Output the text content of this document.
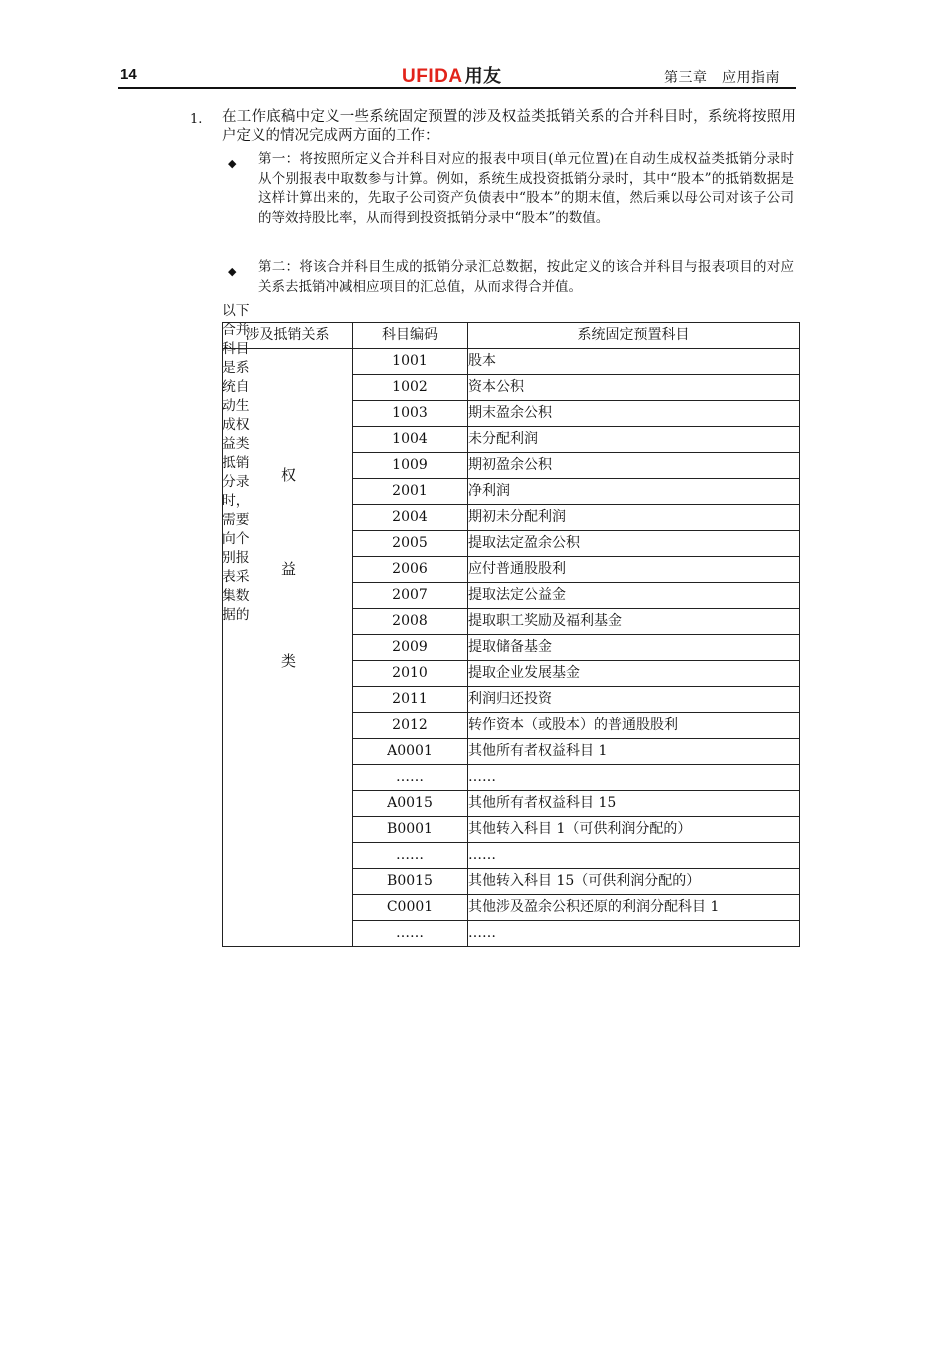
14	UFIDA 用友	第三章　应用指南
1. 在工作底稿中定义一些系统固定预置的涉及权益类抵销关系的合并科目时，系统将按照用户定义的情况完成两方面的工作：
◆ 第一：将按照所定义合并科目对应的报表中项目(单元位置)在自动生成权益类抵销分录时从个别报表中取数参与计算。例如，系统生成投资抵销分录时，其中“股本”的抵销数据是这样计算出来的，先取子公司资产负债表中“股本”的期末值，然后乘以母公司对该子公司的等效持股比率，从而得到投资抵销分录中“股本”的数值。
◆ 第二：将该合并科目生成的抵销分录汇总数据，按此定义的该合并科目与报表项目的对应关系去抵销冲减相应项目的汇总值，从而求得合并值。
以下合并科目是系统自动生成权益类抵销分录时，需要向个别报表采集数据的
涉及抵销关系	科目编码	系统固定预置科目

权
益
类	1001	股本
	1002	资本公积
	1003	期末盈余公积
	1004	未分配利润
	1009	期初盈余公积
	2001	净利润
	2004	期初未分配利润
	2005	提取法定盈余公积
	2006	应付普通股股利
	2007	提取法定公益金
	2008	提取职工奖励及福利基金
	2009	提取储备基金
	2010	提取企业发展基金
	2011	利润归还投资
	2012	转作资本（或股本）的普通股股利
	A0001	其他所有者权益科目 1
	……	……
	A0015	其他所有者权益科目 15
	B0001	其他转入科目 1（可供利润分配的）
	……	……
	B0015	其他转入科目 15（可供利润分配的）
	C0001	其他涉及盈余公积还原的利润分配科目 1
	……	……
